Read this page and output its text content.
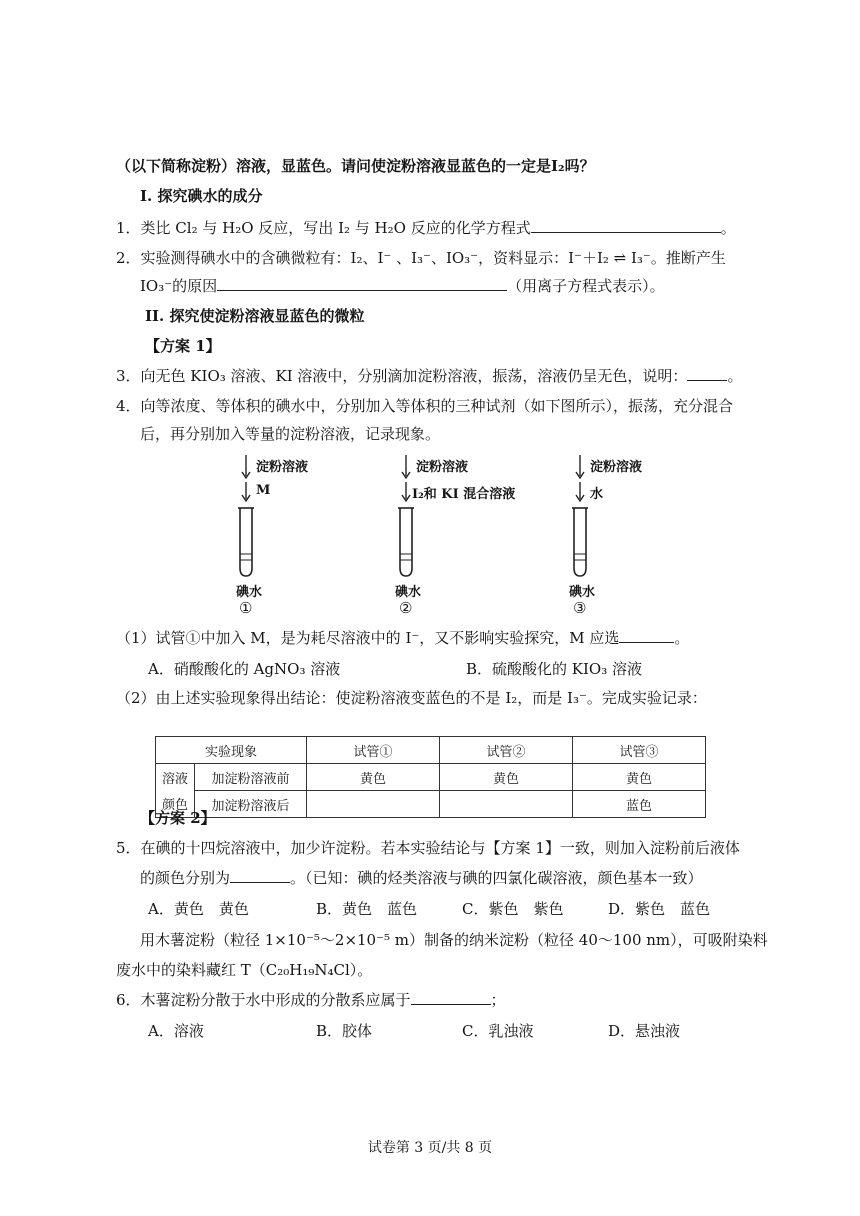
（以下简称淀粉）溶液，显蓝色。请问使淀粉溶液显蓝色的一定是I₂吗？
I. 探究碘水的成分
1．类比 Cl₂ 与 H₂O 反应，写出 I₂ 与 H₂O 反应的化学方程式	。
2．实验测得碘水中的含碘微粒有：I₂、I⁻ 、I₃⁻、IO₃⁻，资料显示：I⁻＋I₂ ⇌ I₃⁻。推断产生
IO₃⁻的原因	（用离子方程式表示）。
II. 探究使淀粉溶液显蓝色的微粒
【方案 1】
3．向无色 KIO₃ 溶液、KI 溶液中，分别滴加淀粉溶液，振荡，溶液仍呈无色，说明：	。
4．向等浓度、等体积的碘水中，分别加入等体积的三种试剂（如下图所示），振荡，充分混合
后，再分别加入等量的淀粉溶液，记录现象。
淀粉溶液
M
碘水
①
淀粉溶液
I₂和 KI 混合溶液
碘水
②
淀粉溶液
水
碘水
③
（1）试管①中加入 M，是为耗尽溶液中的 I⁻，又不影响实验探究，M 应选	。
A．硝酸酸化的 AgNO₃ 溶液	B．硫酸酸化的 KIO₃ 溶液
（2）由上述实验现象得出结论：使淀粉溶液变蓝色的不是 I₂，而是 I₃⁻。完成实验记录：
实验现象		试管①	试管②	试管③
溶液	加淀粉溶液前	黄色	黄色	黄色
颜色	加淀粉溶液后			蓝色
【方案 2】
5．在碘的十四烷溶液中，加少许淀粉。若本实验结论与【方案 1】一致，则加入淀粉前后液体
的颜色分别为	。（已知：碘的烃类溶液与碘的四氯化碳溶液，颜色基本一致）
A．黄色　黄色	B．黄色　蓝色	C．紫色　紫色	D．紫色　蓝色
用木薯淀粉（粒径 1×10⁻⁵～2×10⁻⁵ m）制备的纳米淀粉（粒径 40～100 nm），可吸附染料
废水中的染料藏红 T（C₂₀H₁₉N₄Cl）。
6．木薯淀粉分散于水中形成的分散系应属于	；
A．溶液	B．胶体	C．乳浊液	D．悬浊液
试卷第 3 页/共 8 页
